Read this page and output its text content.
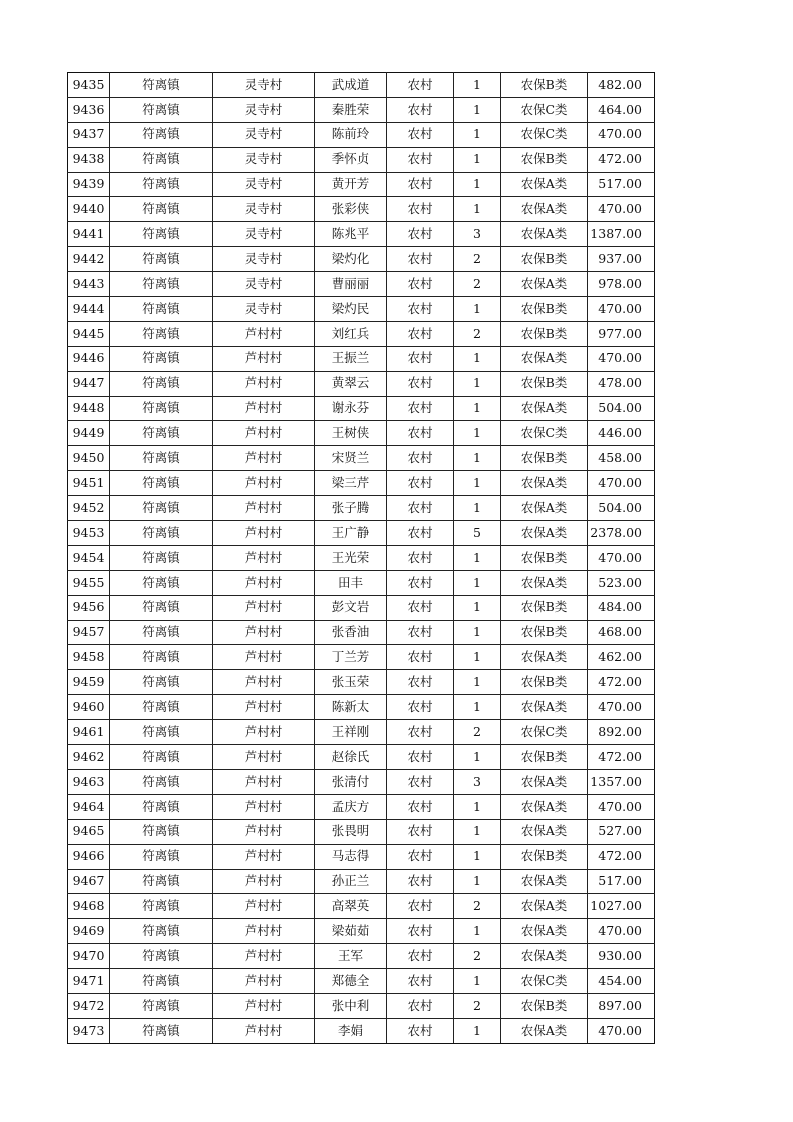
9435	符离镇	灵寺村	武成道	农村	1	农保B类	482.00
9436	符离镇	灵寺村	秦胜荣	农村	1	农保C类	464.00
9437	符离镇	灵寺村	陈前玲	农村	1	农保C类	470.00
9438	符离镇	灵寺村	季怀贞	农村	1	农保B类	472.00
9439	符离镇	灵寺村	黄开芳	农村	1	农保A类	517.00
9440	符离镇	灵寺村	张彩侠	农村	1	农保A类	470.00
9441	符离镇	灵寺村	陈兆平	农村	3	农保A类	1387.00
9442	符离镇	灵寺村	梁灼化	农村	2	农保B类	937.00
9443	符离镇	灵寺村	曹丽丽	农村	2	农保A类	978.00
9444	符离镇	灵寺村	梁灼民	农村	1	农保B类	470.00
9445	符离镇	芦村村	刘红兵	农村	2	农保B类	977.00
9446	符离镇	芦村村	王振兰	农村	1	农保A类	470.00
9447	符离镇	芦村村	黄翠云	农村	1	农保B类	478.00
9448	符离镇	芦村村	谢永芬	农村	1	农保A类	504.00
9449	符离镇	芦村村	王树侠	农村	1	农保C类	446.00
9450	符离镇	芦村村	宋贤兰	农村	1	农保B类	458.00
9451	符离镇	芦村村	梁三芹	农村	1	农保A类	470.00
9452	符离镇	芦村村	张子腾	农村	1	农保A类	504.00
9453	符离镇	芦村村	王广静	农村	5	农保A类	2378.00
9454	符离镇	芦村村	王光荣	农村	1	农保B类	470.00
9455	符离镇	芦村村	田丰	农村	1	农保A类	523.00
9456	符离镇	芦村村	彭文岩	农村	1	农保B类	484.00
9457	符离镇	芦村村	张香油	农村	1	农保B类	468.00
9458	符离镇	芦村村	丁兰芳	农村	1	农保A类	462.00
9459	符离镇	芦村村	张玉荣	农村	1	农保B类	472.00
9460	符离镇	芦村村	陈新太	农村	1	农保A类	470.00
9461	符离镇	芦村村	王祥刚	农村	2	农保C类	892.00
9462	符离镇	芦村村	赵徐氏	农村	1	农保B类	472.00
9463	符离镇	芦村村	张清付	农村	3	农保A类	1357.00
9464	符离镇	芦村村	孟庆方	农村	1	农保A类	470.00
9465	符离镇	芦村村	张畏明	农村	1	农保A类	527.00
9466	符离镇	芦村村	马志得	农村	1	农保B类	472.00
9467	符离镇	芦村村	孙正兰	农村	1	农保A类	517.00
9468	符离镇	芦村村	高翠英	农村	2	农保A类	1027.00
9469	符离镇	芦村村	梁茹茹	农村	1	农保A类	470.00
9470	符离镇	芦村村	王军	农村	2	农保A类	930.00
9471	符离镇	芦村村	郑德全	农村	1	农保C类	454.00
9472	符离镇	芦村村	张中利	农村	2	农保B类	897.00
9473	符离镇	芦村村	李娟	农村	1	农保A类	470.00
